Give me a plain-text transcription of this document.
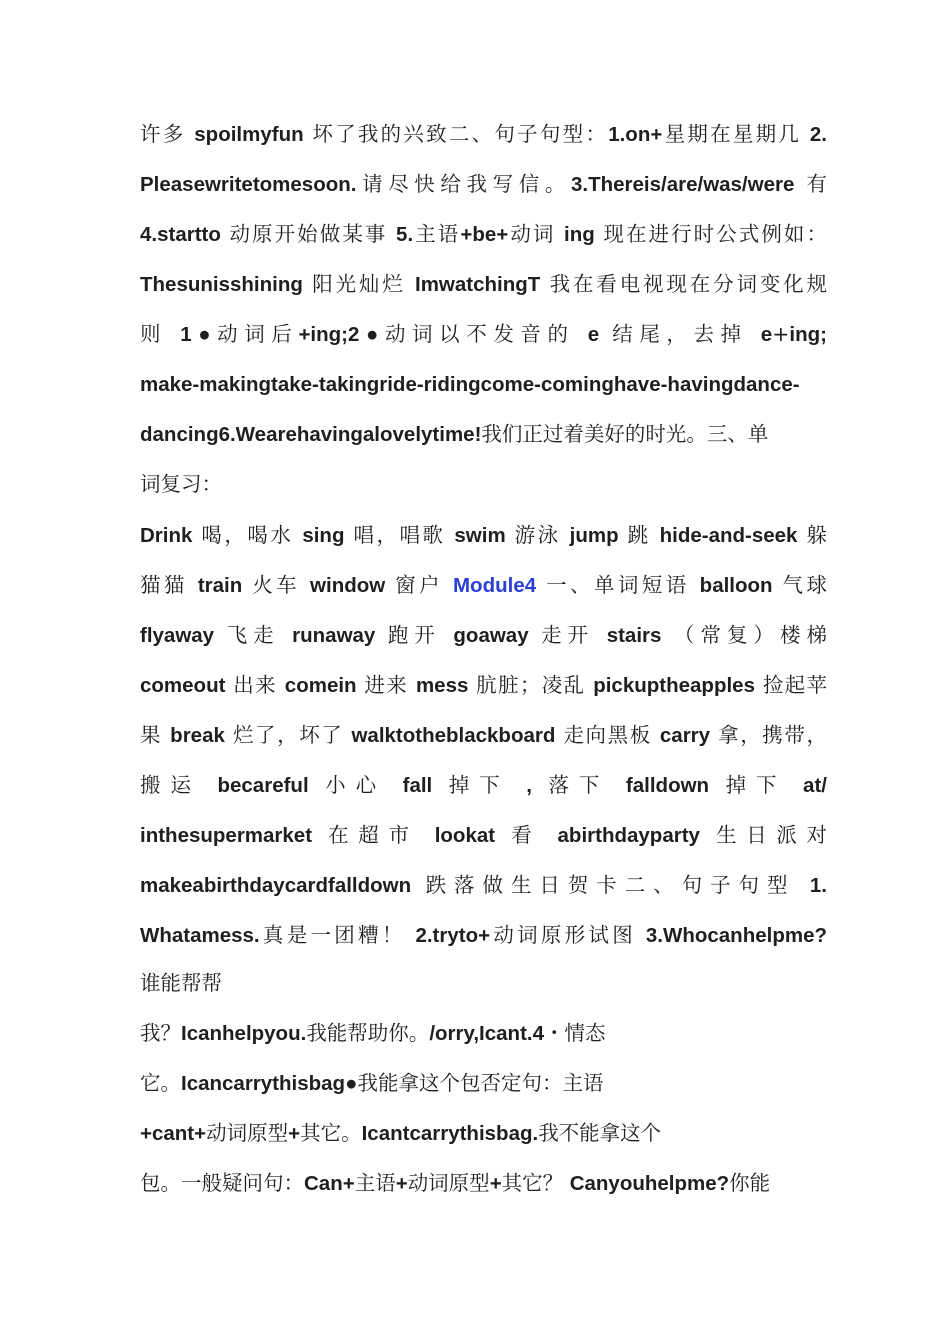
许多 spoilmyfun 坏了我的兴致二、句子句型：1.on+星期在星期几 2.
Pleasewritetomesoon.请尽快给我写信。3.Thereis/are/was/were 有
4.startto 动原开始做某事 5.主语+be+动词 ing 现在进行时公式例如：
Thesunisshining 阳光灿烂 ImwatchingT 我在看电视现在分词变化规
则 1●动词后+ing;2●动词以不发音的 e 结尾，去掉 e+ing;
make-makingtake-takingride-ridingcome-cominghave-havingdance-
dancing6.Wearehavingalovelytime!我们正过着美好的时光。三、单
词复习：
Drink 喝，喝水 sing 唱，唱歌 swim 游泳 jump 跳 hide-and-seek 躲
猫猫 train 火车 window 窗户 Module4 一、单词短语 balloon 气球
flyaway 飞走 runaway 跑开 goaway 走开 stairs （常复）楼梯
comeout 出来 comein 进来 mess 肮脏；凌乱 pickuptheapples 捡起苹
果 break 烂了，坏了 walktotheblackboard 走向黑板 carry 拿，携带，
搬运 becareful 小心 fall 掉下 , 落下 falldown 掉下 at/
inthesupermarket 在超市 lookat 看 abirthdayparty 生日派对
makeabirthdaycardfalldown 跌落做生日贺卡二、句子句型 1.
Whatamess.真是一团糟！ 2.tryto+动词原形试图 3.Whocanhelpme?
谁能帮帮
我？Icanhelpyou.我能帮助你。/orry,Icant.4・情态
它。Icancarrythisbag●我能拿这个包否定句：主语
+cant+动词原型+其它。Icantcarrythisbag.我不能拿这个
包。一般疑问句：Can+主语+动词原型+其它？ Canyouhelpme?你能
